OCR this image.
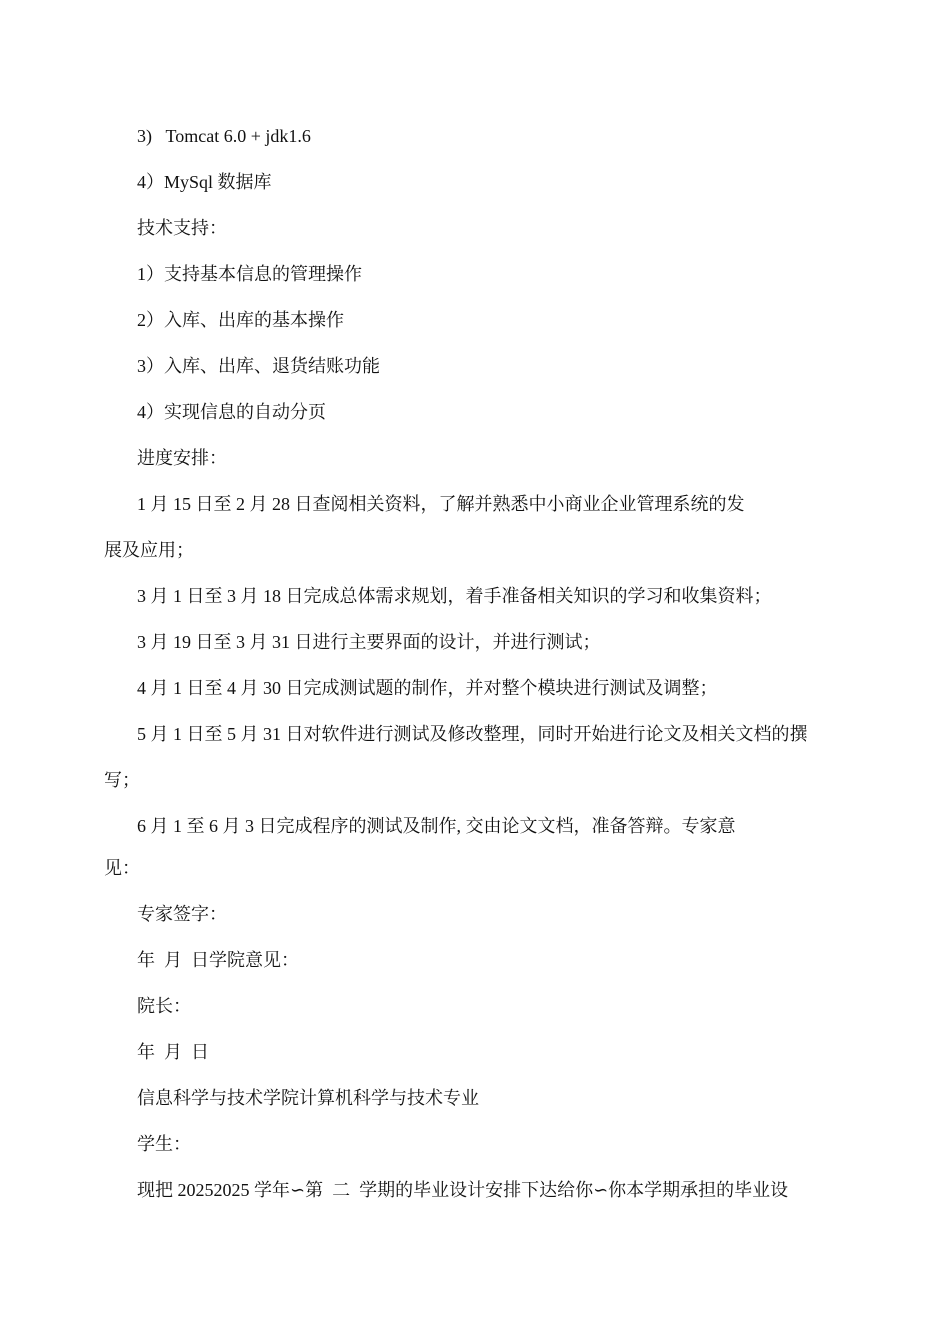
3)   Tomcat 6.0 + jdk1.6
4）MySql 数据库
技术支持：
1）支持基本信息的管理操作
2）入库、出库的基本操作
3）入库、出库、退货结账功能
4）实现信息的自动分页
进度安排：
1 月 15 日至 2 月 28 日查阅相关资料，了解并熟悉中小商业企业管理系统的发
展及应用；
3 月 1 日至 3 月 18 日完成总体需求规划，着手准备相关知识的学习和收集资料；
3 月 19 日至 3 月 31 日进行主要界面的设计，并进行测试；
4 月 1 日至 4 月 30 日完成测试题的制作，并对整个模块进行测试及调整；
5 月 1 日至 5 月 31 日对软件进行测试及修改整理，同时开始进行论文及相关文档的撰
写；
6 月 1 至 6 月 3 日完成程序的测试及制作, 交由论文文档，准备答辩。专家意
见：
专家签字：
年  月  日学院意见：
院长：
年  月  日
信息科学与技术学院计算机科学与技术专业
学生：
现把 20252025 学年∽第  二  学期的毕业设计安排下达给你∽你本学期承担的毕业设
